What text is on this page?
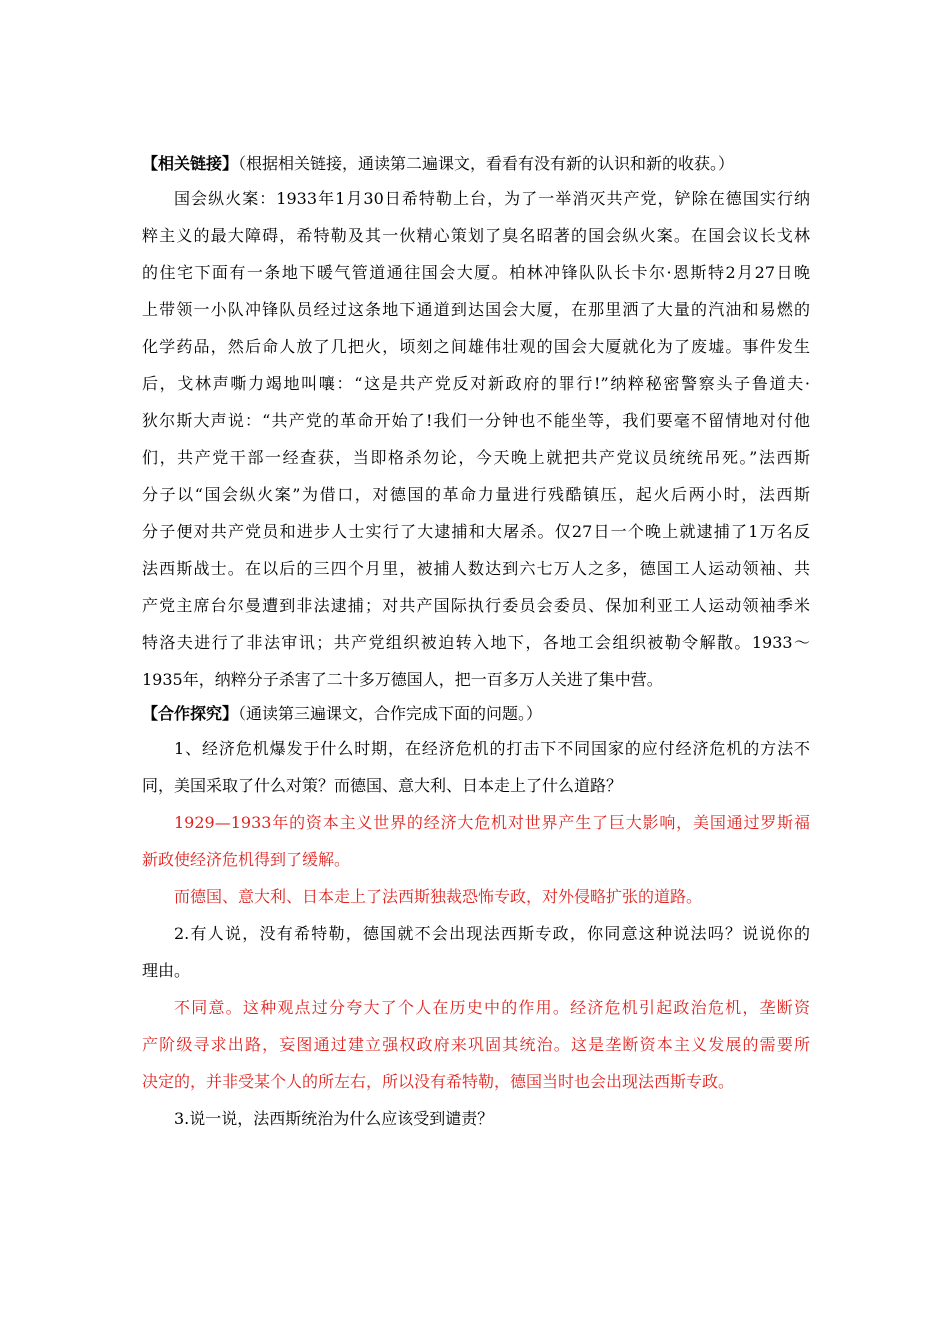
【相关链接】（根据相关链接，通读第二遍课文，看看有没有新的认识和新的收获。）
国会纵火案：1933年1月30日希特勒上台，为了一举消灭共产党，铲除在德国实行纳
粹主义的最大障碍，希特勒及其一伙精心策划了臭名昭著的国会纵火案。在国会议长戈林
的住宅下面有一条地下暖气管道通往国会大厦。柏林冲锋队队长卡尔·恩斯特2月27日晚
上带领一小队冲锋队员经过这条地下通道到达国会大厦，在那里洒了大量的汽油和易燃的
化学药品，然后命人放了几把火，顷刻之间雄伟壮观的国会大厦就化为了废墟。事件发生
后，戈林声嘶力竭地叫嚷：“这是共产党反对新政府的罪行!”纳粹秘密警察头子鲁道夫·
狄尔斯大声说：“共产党的革命开始了!我们一分钟也不能坐等，我们要毫不留情地对付他
们，共产党干部一经查获，当即格杀勿论，今天晚上就把共产党议员统统吊死。”法西斯
分子以“国会纵火案”为借口，对德国的革命力量进行残酷镇压，起火后两小时，法西斯
分子便对共产党员和进步人士实行了大逮捕和大屠杀。仅27日一个晚上就逮捕了1万名反
法西斯战士。在以后的三四个月里，被捕人数达到六七万人之多，德国工人运动领袖、共
产党主席台尔曼遭到非法逮捕；对共产国际执行委员会委员、保加利亚工人运动领袖季米
特洛夫进行了非法审讯；共产党组织被迫转入地下，各地工会组织被勒令解散。1933～
1935年，纳粹分子杀害了二十多万德国人，把一百多万人关进了集中营。
【合作探究】（通读第三遍课文，合作完成下面的问题。）
1、经济危机爆发于什么时期，在经济危机的打击下不同国家的应付经济危机的方法不
同，美国采取了什么对策？而德国、意大利、日本走上了什么道路？
1929—1933年的资本主义世界的经济大危机对世界产生了巨大影响，美国通过罗斯福
新政使经济危机得到了缓解。
而德国、意大利、日本走上了法西斯独裁恐怖专政，对外侵略扩张的道路。
2.有人说，没有希特勒，德国就不会出现法西斯专政，你同意这种说法吗？说说你的
理由。
不同意。这种观点过分夸大了个人在历史中的作用。经济危机引起政治危机，垄断资
产阶级寻求出路，妄图通过建立强权政府来巩固其统治。这是垄断资本主义发展的需要所
决定的，并非受某个人的所左右，所以没有希特勒，德国当时也会出现法西斯专政。
3.说一说，法西斯统治为什么应该受到谴责？
